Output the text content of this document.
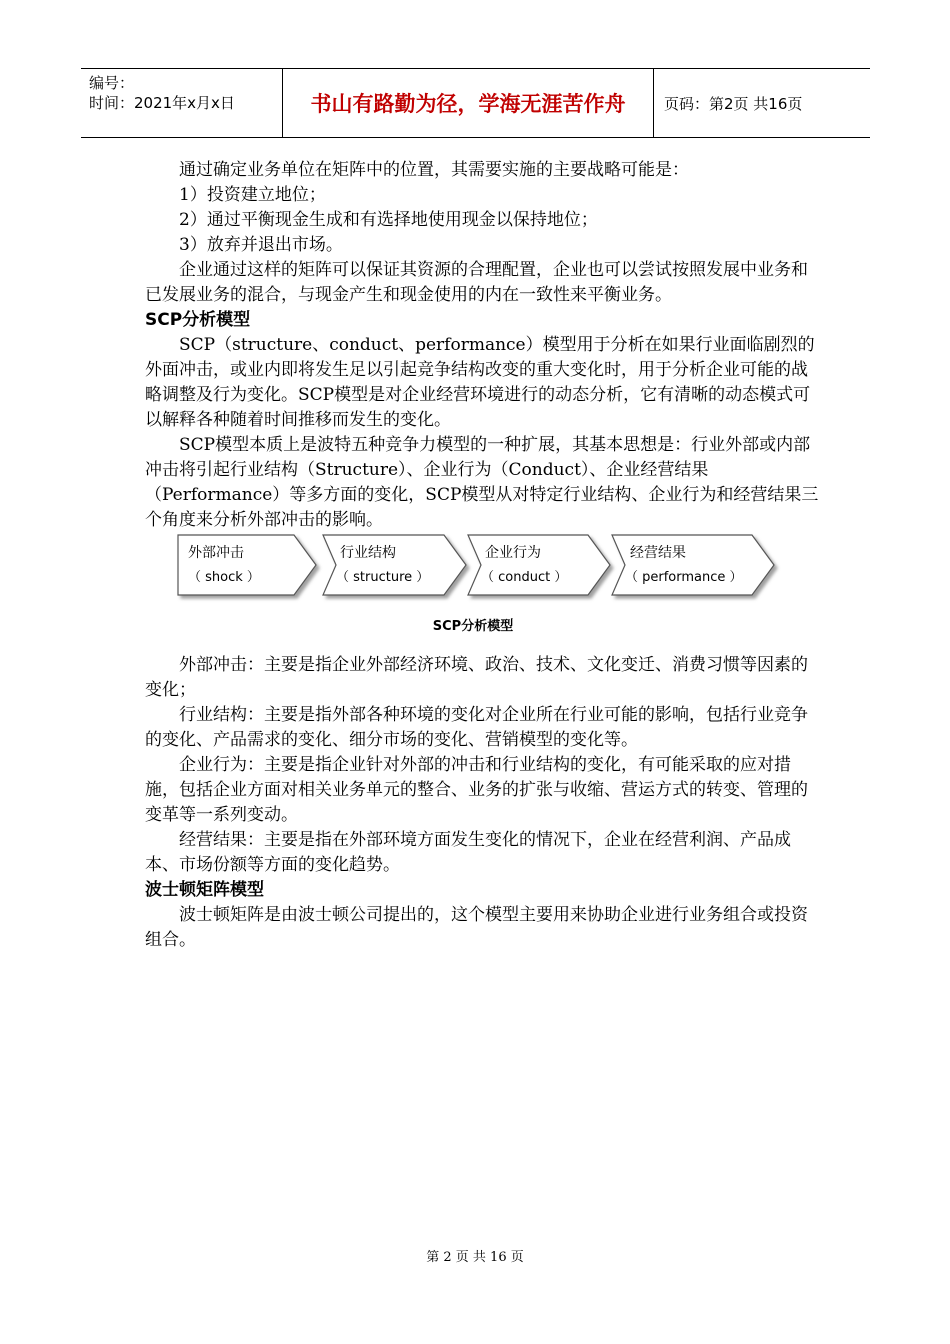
编号：
时间：2021年x月x日	书山有路勤为径，学海无涯苦作舟	页码：第2页 共16页

通过确定业务单位在矩阵中的位置，其需要实施的主要战略可能是：

1）投资建立地位；

2）通过平衡现金生成和有选择地使用现金以保持地位；

3）放弃并退出市场。

企业通过这样的矩阵可以保证其资源的合理配置，企业也可以尝试按照发展中业务和已发展业务的混合，与现金产生和现金使用的内在一致性来平衡业务。

SCP分析模型

SCP（structure、conduct、performance）模型用于分析在如果行业面临剧烈的外面冲击，或业内即将发生足以引起竞争结构改变的重大变化时，用于分析企业可能的战略调整及行为变化。SCP模型是对企业经营环境进行的动态分析，它有清晰的动态模式可以解释各种随着时间推移而发生的变化。

SCP模型本质上是波特五种竞争力模型的一种扩展，其基本思想是：行业外部或内部冲击将引起行业结构（Structure）、企业行为（Conduct）、企业经营结果（Performance）等多方面的变化，SCP模型从对特定行业结构、企业行为和经营结果三个角度来分析外部冲击的影响。

外部冲击
（ shock ）
行业结构
（ structure ）
企业行为
（ conduct ）
经营结果
（ performance ）
SCP分析模型

外部冲击：主要是指企业外部经济环境、政治、技术、文化变迁、消费习惯等因素的变化；

行业结构：主要是指外部各种环境的变化对企业所在行业可能的影响，包括行业竞争的变化、产品需求的变化、细分市场的变化、营销模型的变化等。

企业行为：主要是指企业针对外部的冲击和行业结构的变化，有可能采取的应对措施，包括企业方面对相关业务单元的整合、业务的扩张与收缩、营运方式的转变、管理的变革等一系列变动。

经营结果：主要是指在外部环境方面发生变化的情况下，企业在经营利润、产品成本、市场份额等方面的变化趋势。

波士顿矩阵模型

波士顿矩阵是由波士顿公司提出的，这个模型主要用来协助企业进行业务组合或投资组合。

第 2 页 共 16 页
